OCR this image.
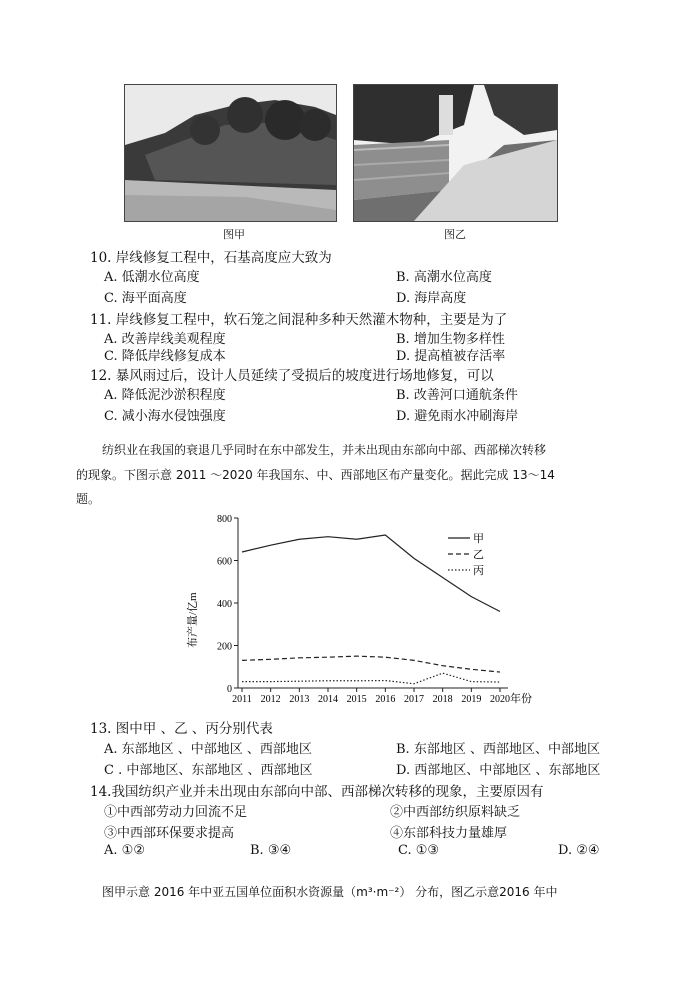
图甲	图乙
10. 岸线修复工程中，石基高度应大致为
A. 低潮水位高度	B. 高潮水位高度
C. 海平面高度	D. 海岸高度
11. 岸线修复工程中，软石笼之间混种多种天然灌木物种，主要是为了
A. 改善岸线美观程度	B. 增加生物多样性
C. 降低岸线修复成本	D. 提高植被存活率
12. 暴风雨过后，设计人员延续了受损后的坡度进行场地修复，可以
A. 降低泥沙淤积程度	B. 改善河口通航条件
C. 减小海水侵蚀强度	D. 避免雨水冲刷海岸
纺织业在我国的衰退几乎同时在东中部发生，并未出现由东部向中部、西部梯次转移
的现象。下图示意 2011 ～2020 年我国东、中、西部地区布产量变化。据此完成 13～14
题。
0
200
400
600
800
2011 2012 2013 2014 2015 2016 2017 2018 2019 2020
甲
乙
丙
布产量/亿m
年份
13. 图中甲 、乙 、丙分别代表
A. 东部地区 、中部地区 、西部地区	B. 东部地区 、西部地区、中部地区
C . 中部地区、东部地区 、西部地区	D. 西部地区、中部地区 、东部地区
14.我国纺织产业并未出现由东部向中部、西部梯次转移的现象，主要原因有
①中西部劳动力回流不足	②中西部纺织原料缺乏
③中西部环保要求提高	④东部科技力量雄厚
A. ①②	B. ③④	C. ①③	D. ②④
图甲示意 2016 年中亚五国单位面积水资源量（m³·m⁻²） 分布，图乙示意2016 年中
